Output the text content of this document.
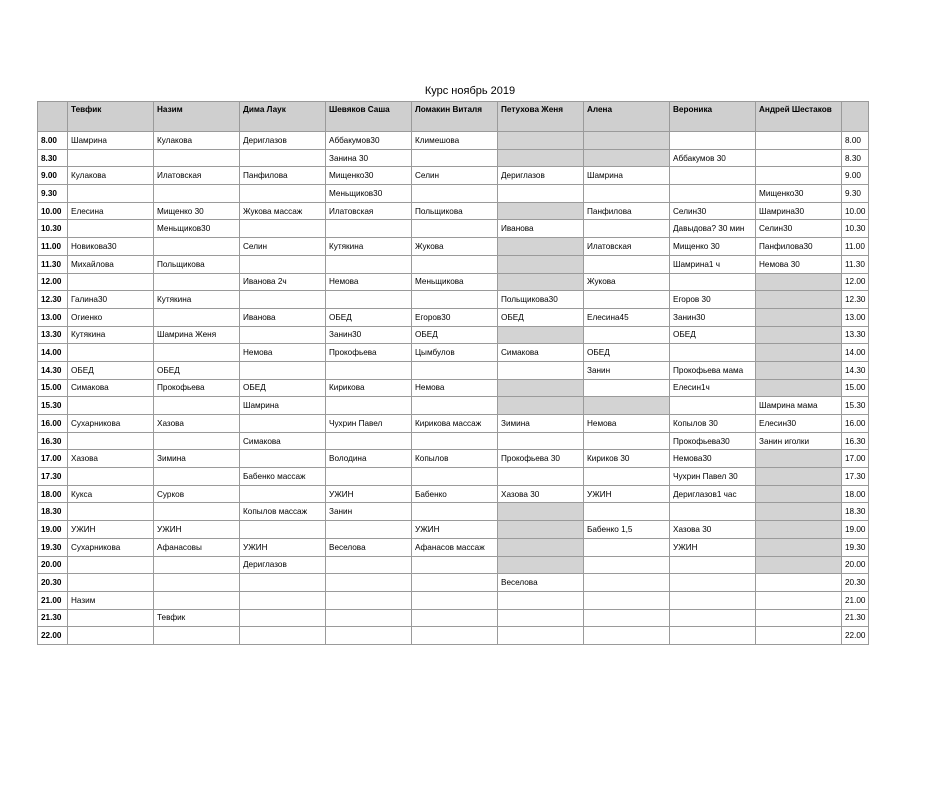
Курс ноябрь 2019
	Тевфик	Назим	Дима Лаук	Шевяков Саша	Ломакин Виталя	Петухова Женя	Алена	Вероника	Андрей Шестаков	
8.00	Шамрина	Кулакова	Дериглазов	Аббакумов30	Климешова					8.00
8.30				Занина 30				Аббакумов 30		8.30
9.00	Кулакова	Илатовская	Панфилова	Мищенко30	Селин	Дериглазов	Шамрина			9.00
9.30				Меньщиков30					Мищенко30	9.30
10.00	Елесина	Мищенко 30	Жукова массаж	Илатовская	Польщикова		Панфилова	Селин30	Шамрина30	10.00
10.30		Меньщиков30				Иванова		Давыдова? 30 мин	Селин30	10.30
11.00	Новикова30		Селин	Кутякина	Жукова		Илатовская	Мищенко 30	Панфилова30	11.00
11.30	Михайлова	Польщикова						Шамрина1 ч	Немова 30	11.30
12.00			Иванова 2ч	Немова	Меньщикова		Жукова			12.00
12.30	Галина30	Кутякина				Польщикова30		Егоров 30		12.30
13.00	Огиенко		Иванова	ОБЕД	Егоров30	ОБЕД	Елесина45	Занин30		13.00
13.30	Кутякина	Шамрина Женя		Занин30	ОБЕД			ОБЕД		13.30
14.00			Немова	Прокофьева	Цымбулов	Симакова	ОБЕД			14.00
14.30	ОБЕД	ОБЕД					Занин	Прокофьева мама		14.30
15.00	Симакова	Прокофьева	ОБЕД	Кирикова	Немова			Елесин1ч		15.00
15.30			Шамрина						Шамрина мама	15.30
16.00	Сухарникова	Хазова		Чухрин Павел	Кирикова массаж	Зимина	Немова	Копылов 30	Елесин30	16.00
16.30			Симакова					Прокофьева30	Занин иголки	16.30
17.00	Хазова	Зимина		Володина	Копылов	Прокофьева 30	Кириков 30	Немова30		17.00
17.30			Бабенко массаж					Чухрин Павел 30		17.30
18.00	Кукса	Сурков		УЖИН	Бабенко	Хазова 30	УЖИН	Дериглазов1 час		18.00
18.30			Копылов массаж	Занин						18.30
19.00	УЖИН	УЖИН			УЖИН		Бабенко 1,5	Хазова 30		19.00
19.30	Сухарникова	Афанасовы	УЖИН	Веселова	Афанасов массаж			УЖИН		19.30
20.00			Дериглазов							20.00
20.30						Веселова				20.30
21.00	Назим									21.00
21.30		Тевфик								21.30
22.00										22.00
